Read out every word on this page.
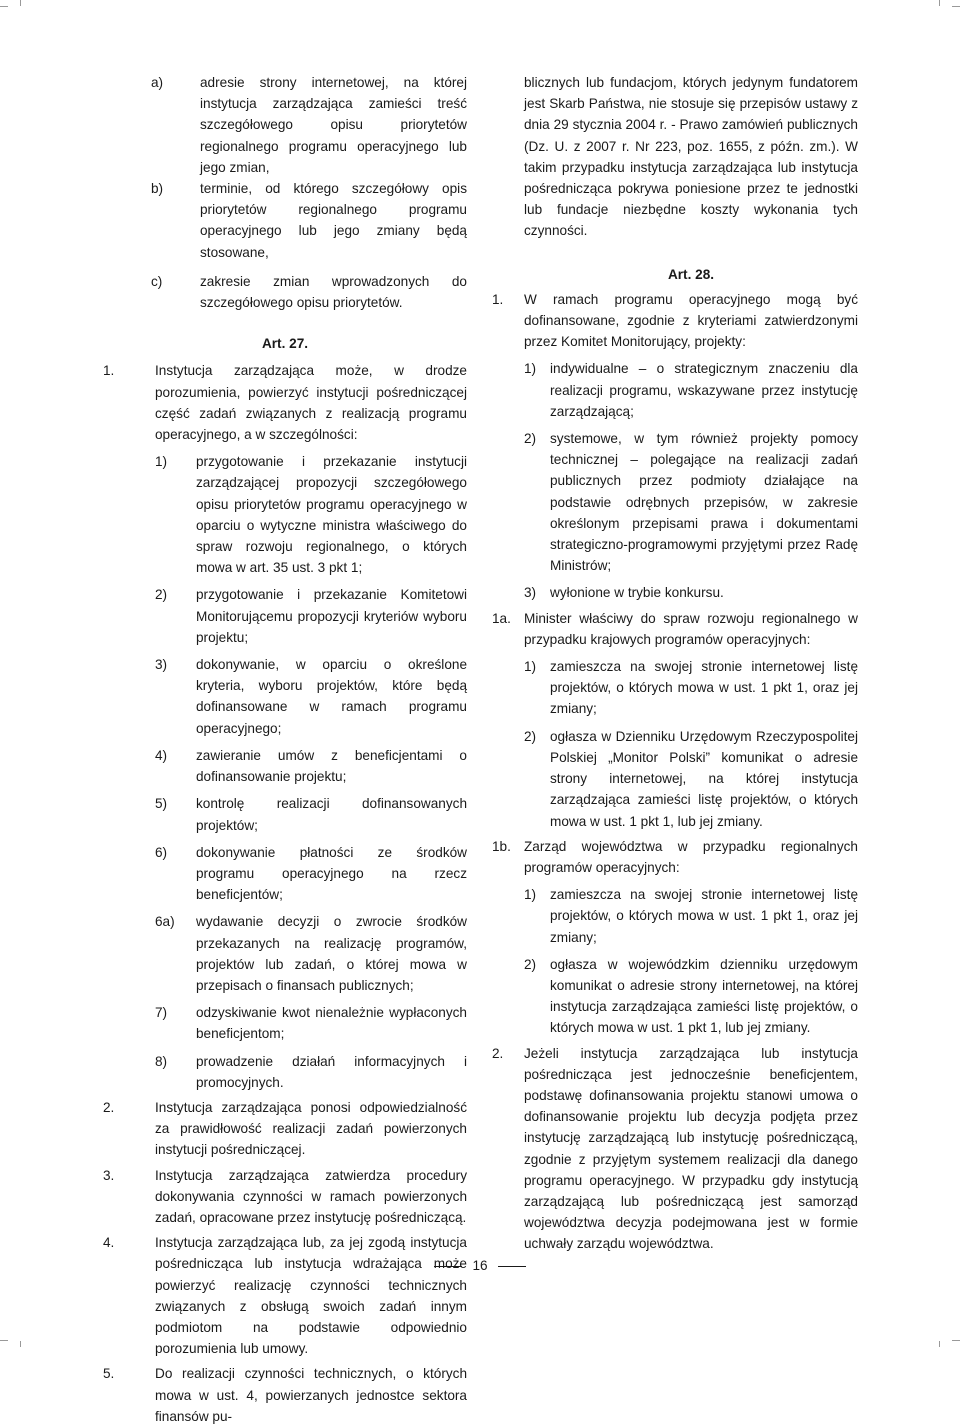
a)	adresie strony internetowej, na której instytucja zarządzająca zamieści treść szczegółowego opisu priorytetów regionalnego programu operacyjnego lub jego zmian,
b)	terminie, od którego szczegółowy opis priorytetów regionalnego programu operacyjnego lub jego zmiany będą stosowane,
c)	zakresie zmian wprowadzonych do szczegółowego opisu priorytetów.

Art. 27.

1.	Instytucja zarządzająca może, w drodze porozumienia, powierzyć instytucji pośredniczącej część zadań związanych z realizacją programu operacyjnego, a w szczególności:
1) przygotowanie i przekazanie instytucji zarządzającej propozycji szczegółowego opisu priorytetów programu operacyjnego w oparciu o wytyczne ministra właściwego do spraw rozwoju regionalnego, o których mowa w art. 35 ust. 3 pkt 1;
2) przygotowanie i przekazanie Komitetowi Monitorującemu propozycji kryteriów wyboru projektu;
3) dokonywanie, w oparciu o określone kryteria, wyboru projektów, które będą dofinansowane w ramach programu operacyjnego;
4) zawieranie umów z beneficjentami o dofinansowanie projektu;
5) kontrolę realizacji dofinansowanych projektów;
6) dokonywanie płatności ze środków programu operacyjnego na rzecz beneficjentów;
6a) wydawanie decyzji o zwrocie środków przekazanych na realizację programów, projektów lub zadań, o której mowa w przepisach o finansach publicznych;
7) odzyskiwanie kwot nienależnie wypłaconych beneficjentom;
8) prowadzenie działań informacyjnych i promocyjnych.
2.	Instytucja zarządzająca ponosi odpowiedzialność za prawidłowość realizacji zadań powierzonych instytucji pośredniczącej.
3.	Instytucja zarządzająca zatwierdza procedury dokonywania czynności w ramach powierzonych zadań, opracowane przez instytucję pośredniczącą.
4.	Instytucja zarządzająca lub, za jej zgodą instytucja pośrednicząca lub instytucja wdrażająca może powierzyć realizację czynności technicznych związanych z obsługą swoich zadań innym podmiotom na podstawie odpowiednio porozumienia lub umowy.
5.	Do realizacji czynności technicznych, o których mowa w ust. 4, powierzanych jednostce sektora finansów pu-
blicznych lub fundacjom, których jedynym fundatorem jest Skarb Państwa, nie stosuje się przepisów ustawy z dnia 29 stycznia 2004 r. - Prawo zamówień publicznych (Dz. U. z 2007 r. Nr 223, poz. 1655, z późn. zm.). W takim przypadku instytucja zarządzająca lub instytucja pośrednicząca pokrywa poniesione przez te jednostki lub fundacje niezbędne koszty wykonania tych czynności.

Art. 28.

1. W ramach programu operacyjnego mogą być dofinansowane, zgodnie z kryteriami zatwierdzonymi przez Komitet Monitorujący, projekty:
1) indywidualne – o strategicznym znaczeniu dla realizacji programu, wskazywane przez instytucję zarządzającą;
2) systemowe, w tym również projekty pomocy technicznej – polegające na realizacji zadań publicznych przez podmioty działające na podstawie odrębnych przepisów, w zakresie określonym przepisami prawa i dokumentami strategiczno-programowymi przyjętymi przez Radę Ministrów;
3) wyłonione w trybie konkursu.
1a. Minister właściwy do spraw rozwoju regionalnego w przypadku krajowych programów operacyjnych:
1) zamieszcza na swojej stronie internetowej listę projektów, o których mowa w ust. 1 pkt 1, oraz jej zmiany;
2) ogłasza w Dzienniku Urzędowym Rzeczypospolitej Polskiej „Monitor Polski” komunikat o adresie strony internetowej, na której instytucja zarządzająca zamieści listę projektów, o których mowa w ust. 1 pkt 1, lub jej zmiany.
1b. Zarząd województwa w przypadku regionalnych programów operacyjnych:
1) zamieszcza na swojej stronie internetowej listę projektów, o których mowa w ust. 1 pkt 1, oraz jej zmiany;
2) ogłasza w wojewódzkim dzienniku urzędowym komunikat o adresie strony internetowej, na której instytucja zarządzająca zamieści listę projektów, o których mowa w ust. 1 pkt 1, lub jej zmiany.
2. Jeżeli instytucja zarządzająca lub instytucja pośrednicząca jest jednocześnie beneficjentem, podstawę dofinansowania projektu stanowi umowa o dofinansowanie projektu lub decyzja podjęta przez instytucję zarządzającą lub instytucję pośredniczącą, zgodnie z przyjętym systemem realizacji dla danego programu operacyjnego. W przypadku gdy instytucją zarządzającą lub pośredniczącą jest samorząd województwa decyzja podejmowana jest w formie uchwały zarządu województwa.
16
